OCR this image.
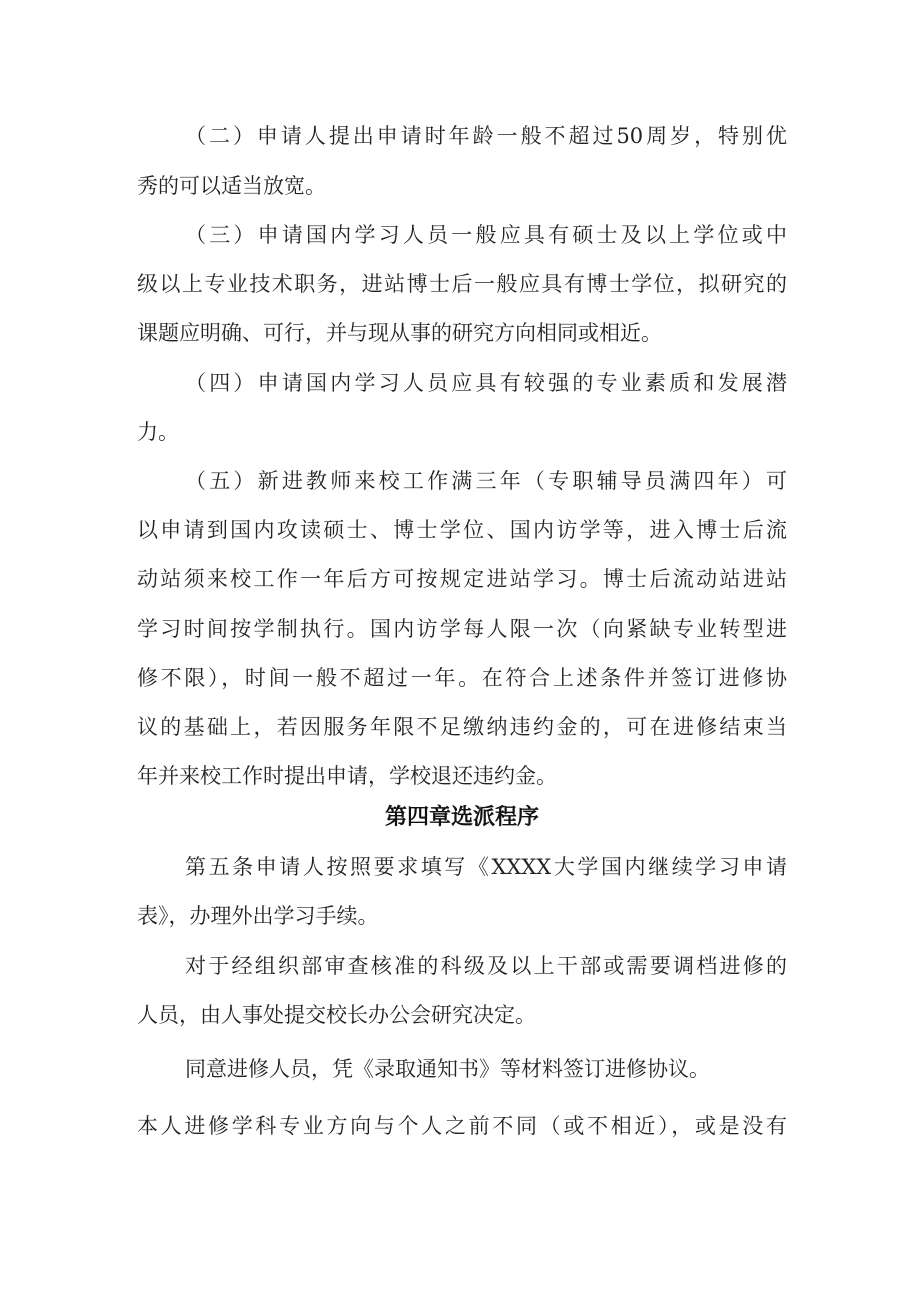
（二）申请人提出申请时年龄一般不超过50周岁，特别优
秀的可以适当放宽。
（三）申请国内学习人员一般应具有硕士及以上学位或中
级以上专业技术职务，进站博士后一般应具有博士学位，拟研究的
课题应明确、可行，并与现从事的研究方向相同或相近。
（四）申请国内学习人员应具有较强的专业素质和发展潜
力。
（五）新进教师来校工作满三年（专职辅导员满四年）可
以申请到国内攻读硕士、博士学位、国内访学等，进入博士后流
动站须来校工作一年后方可按规定进站学习。博士后流动站进站
学习时间按学制执行。国内访学每人限一次（向紧缺专业转型进
修不限），时间一般不超过一年。在符合上述条件并签订进修协
议的基础上，若因服务年限不足缴纳违约金的，可在进修结束当
年并来校工作时提出申请，学校退还违约金。
第四章选派程序
第五条申请人按照要求填写《XXXX大学国内继续学习申请
表》，办理外出学习手续。
对于经组织部审查核准的科级及以上干部或需要调档进修的
人员，由人事处提交校长办公会研究决定。
同意进修人员，凭《录取通知书》等材料签订进修协议。
本人进修学科专业方向与个人之前不同（或不相近），或是没有
